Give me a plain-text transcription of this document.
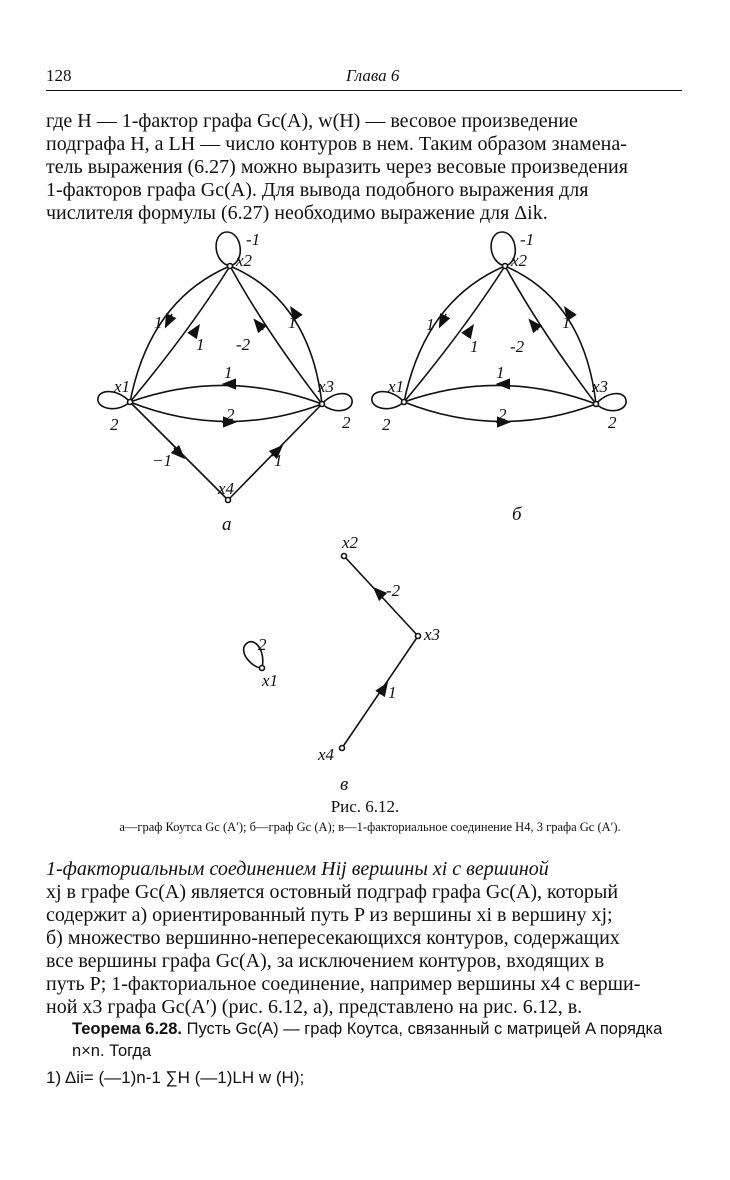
128	Глава 6
где H — 1-фактор графа Gc(A), w(H) — весовое произведение
подграфа H, а LH — число контуров в нем. Таким образом знамена-
тель выражения (6.27) можно выразить через весовые произведения
1-факторов графа Gc(A). Для вывода подобного выражения для
числителя формулы (6.27) необходимо выражение для Δik.
x2
x1	x3
x4
-1
2	2
1
1 -2
1
1
2
−1	1
а
x2
x1	x3
-1
2	2
1
1 -2
1
1
2
б
x2
x3
x1
x4
2
-2
1
в
Рис. 6.12.
а—граф Коутса Gc (A′); б—граф Gc (A); в—1-факториальное соединение H4, 3 графа Gc (A′).
1-факториальным соединением Hij вершины xi с вершиной
xj в графе Gc(A) является остовный подграф графа Gc(A), который
содержит а) ориентированный путь P из вершины xi в вершину xj;
б) множество вершинно-непересекающихся контуров, содержащих
все вершины графа Gc(A), за исключением контуров, входящих в
путь P; 1-факториальное соединение, например вершины x4 с верши-
ной x3 графа Gc(A′) (рис. 6.12, а), представлено на рис. 6.12, в.
Теорема 6.28. Пусть Gc(A) — граф Коутса, связанный с матрицей A порядка
n×n. Тогда
1) Δii= (—1)n-1 ∑H (—1)LH w (H);
